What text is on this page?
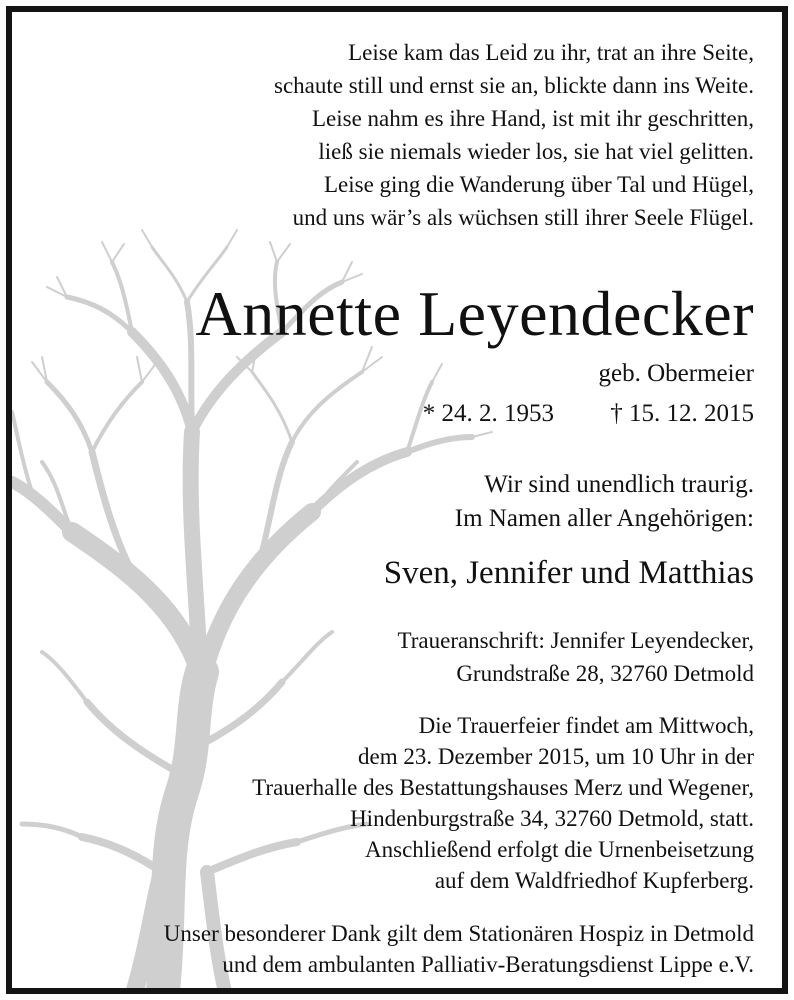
Leise kam das Leid zu ihr, trat an ihre Seite,
schaute still und ernst sie an, blickte dann ins Weite.
Leise nahm es ihre Hand, ist mit ihr geschritten,
ließ sie niemals wieder los, sie hat viel gelitten.
Leise ging die Wanderung über Tal und Hügel,
und uns wär’s als wüchsen still ihrer Seele Flügel.
Annette Leyendecker
geb. Obermeier
* 24. 2. 1953 † 15. 12. 2015
Wir sind unendlich traurig.
Im Namen aller Angehörigen:
Sven, Jennifer und Matthias
Traueranschrift: Jennifer Leyendecker,
Grundstraße 28, 32760 Detmold
Die Trauerfeier findet am Mittwoch,
dem 23. Dezember 2015, um 10 Uhr in der
Trauerhalle des Bestattungshauses Merz und Wegener,
Hindenburgstraße 34, 32760 Detmold, statt.
Anschließend erfolgt die Urnenbeisetzung
auf dem Waldfriedhof Kupferberg.
Unser besonderer Dank gilt dem Stationären Hospiz in Detmold
und dem ambulanten Palliativ-Beratungsdienst Lippe e.V.
